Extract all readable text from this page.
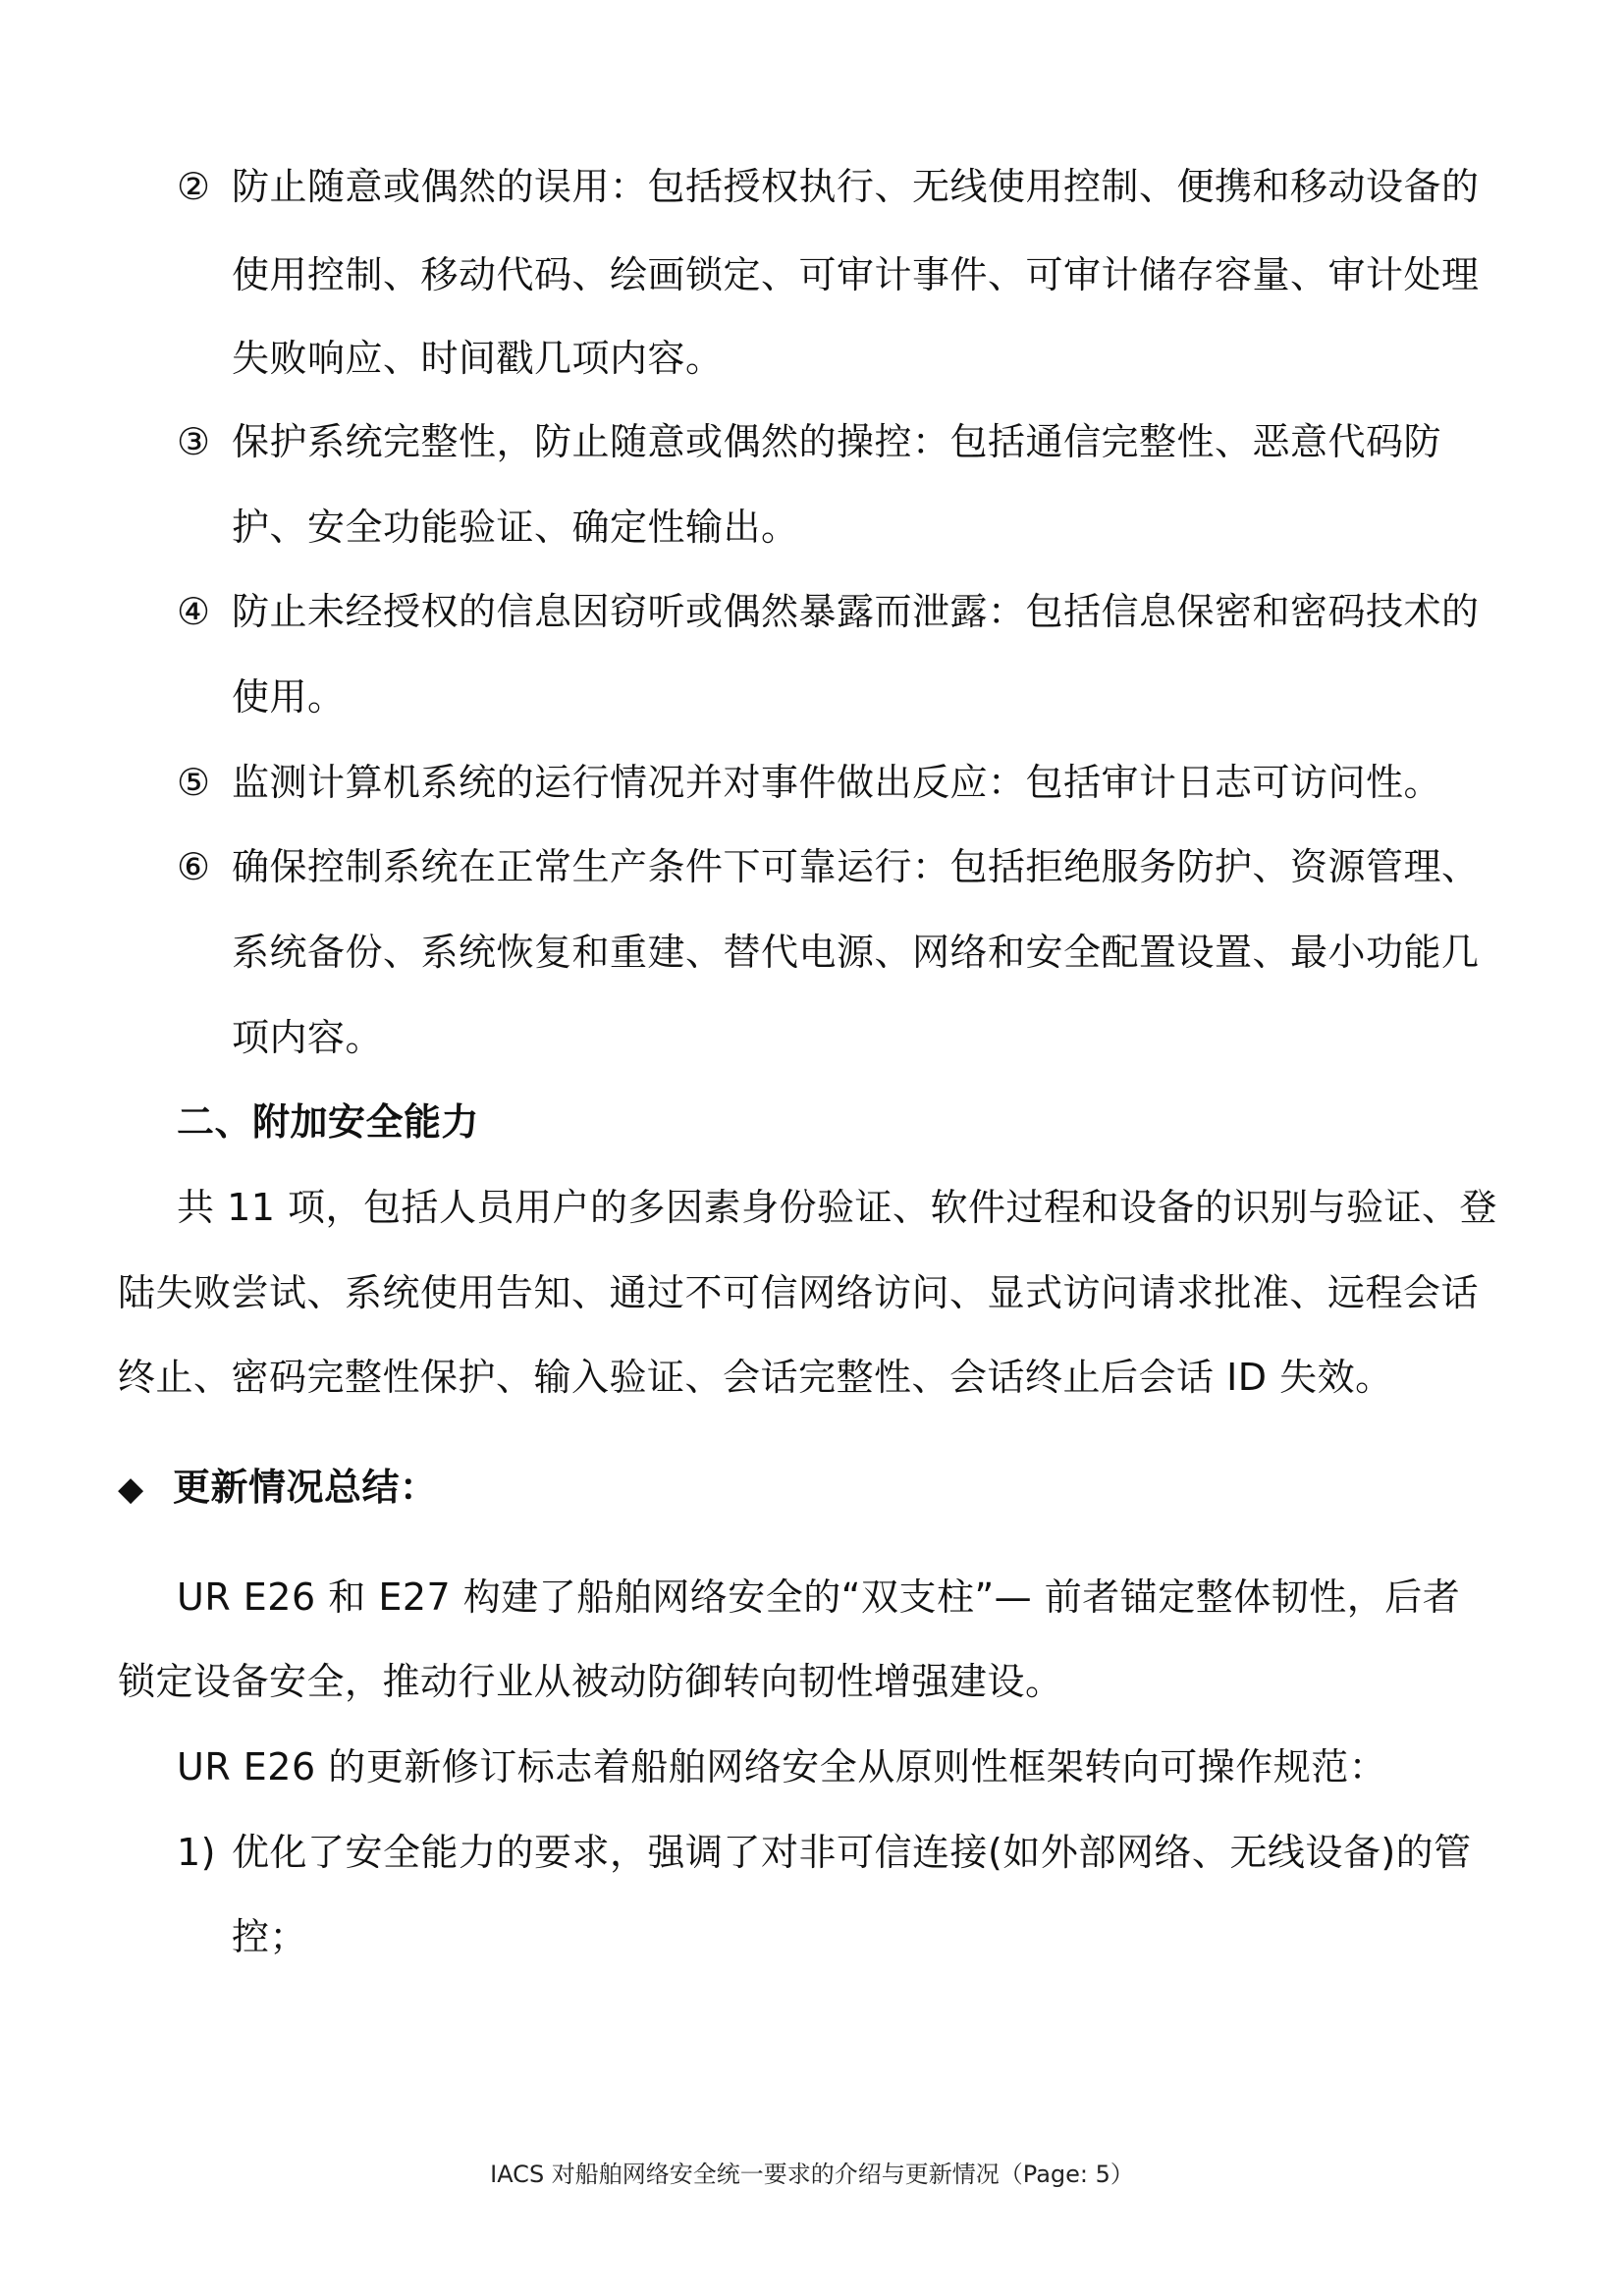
② 防止随意或偶然的误用：包括授权执行、无线使用控制、便携和移动设备的
使用控制、移动代码、绘画锁定、可审计事件、可审计储存容量、审计处理
失败响应、时间戳几项内容。
③ 保护系统完整性，防止随意或偶然的操控：包括通信完整性、恶意代码防
护、安全功能验证、确定性输出。
④ 防止未经授权的信息因窃听或偶然暴露而泄露：包括信息保密和密码技术的
使用。
⑤ 监测计算机系统的运行情况并对事件做出反应：包括审计日志可访问性。
⑥ 确保控制系统在正常生产条件下可靠运行：包括拒绝服务防护、资源管理、
系统备份、系统恢复和重建、替代电源、网络和安全配置设置、最小功能几
项内容。
二、附加安全能力
共 11 项，包括人员用户的多因素身份验证、软件过程和设备的识别与验证、登
陆失败尝试、系统使用告知、通过不可信网络访问、显式访问请求批准、远程会话
终止、密码完整性保护、输入验证、会话完整性、会话终止后会话 ID 失效。
◆ 更新情况总结：
UR E26 和 E27 构建了船舶网络安全的“双支柱”— 前者锚定整体韧性，后者
锁定设备安全，推动行业从被动防御转向韧性增强建设。
UR E26 的更新修订标志着船舶网络安全从原则性框架转向可操作规范：
1) 优化了安全能力的要求，强调了对非可信连接(如外部网络、无线设备)的管
控；
IACS 对船舶网络安全统一要求的介绍与更新情况（Page: 5）
